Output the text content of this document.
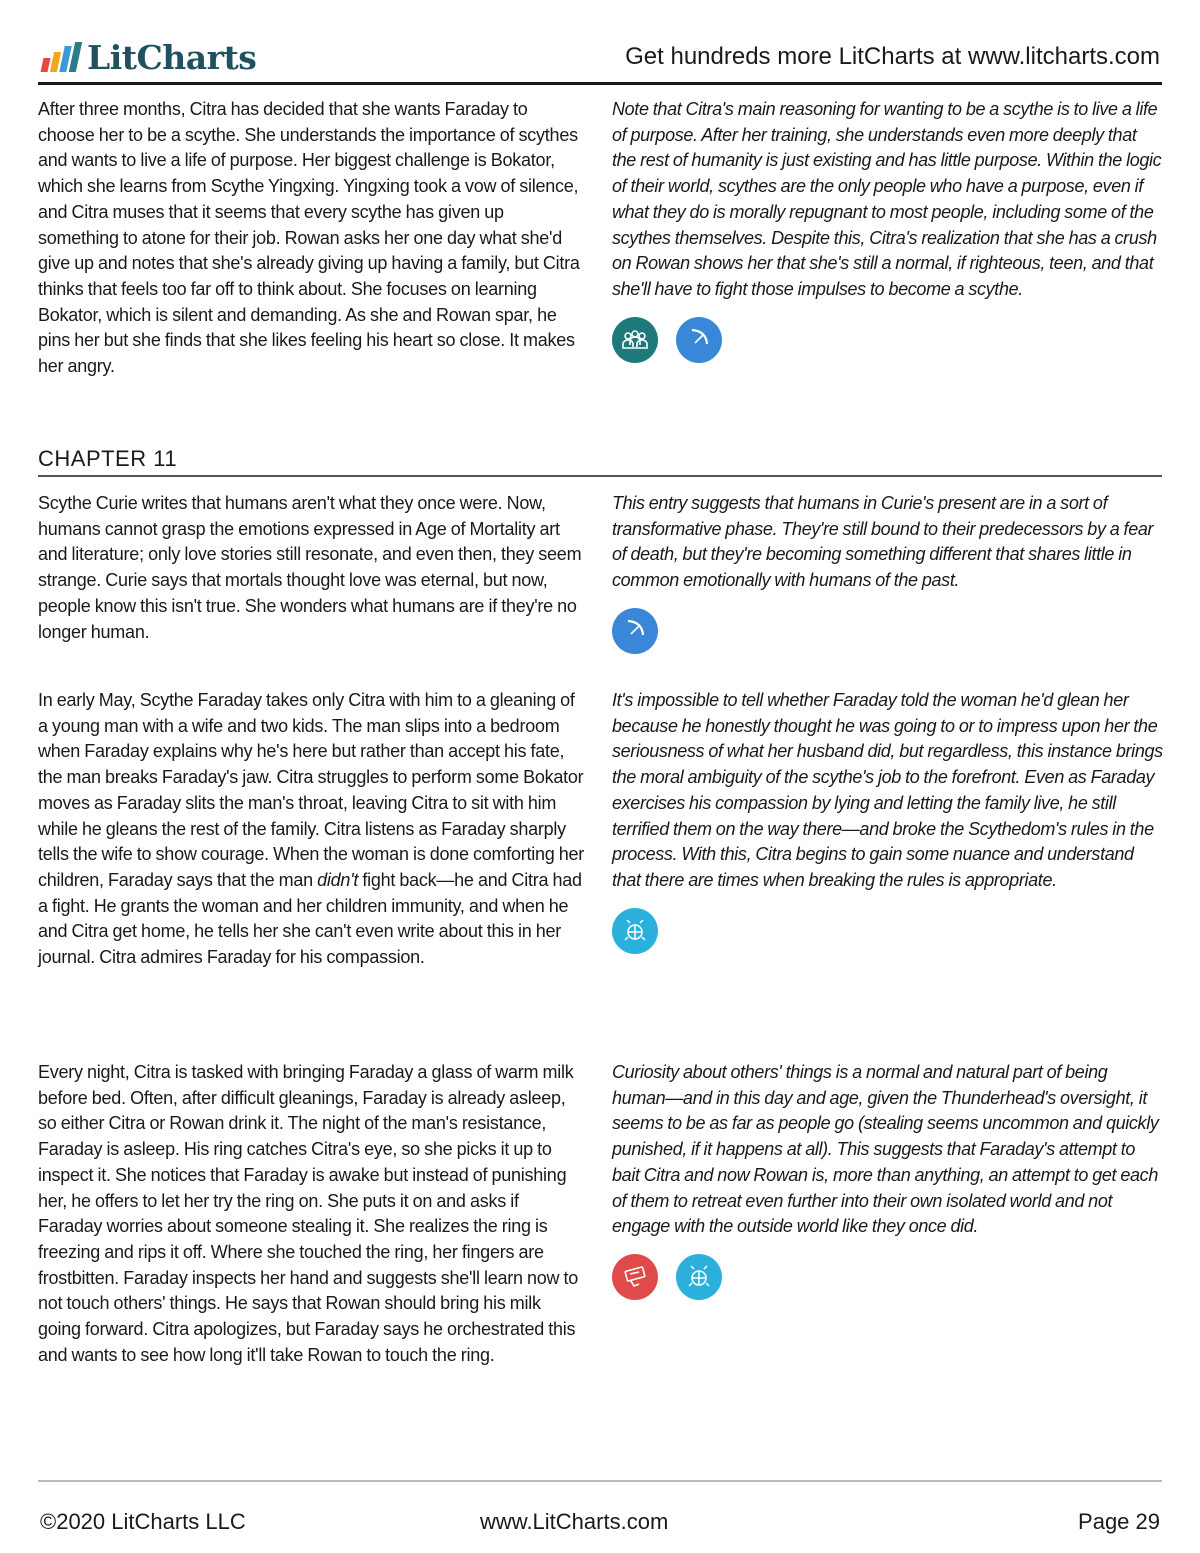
LitCharts	Get hundreds more LitCharts at www.litcharts.com

After three months, Citra has decided that she wants Faraday to choose her to be a scythe. She understands the importance of scythes and wants to live a life of purpose. Her biggest challenge is Bokator, which she learns from Scythe Yingxing. Yingxing took a vow of silence, and Citra muses that it seems that every scythe has given up something to atone for their job. Rowan asks her one day what she'd give up and notes that she's already giving up having a family, but Citra thinks that feels too far off to think about. She focuses on learning Bokator, which is silent and demanding. As she and Rowan spar, he pins her but she finds that she likes feeling his heart so close. It makes her angry.

Note that Citra's main reasoning for wanting to be a scythe is to live a life of purpose. After her training, she understands even more deeply that the rest of humanity is just existing and has little purpose. Within the logic of their world, scythes are the only people who have a purpose, even if what they do is morally repugnant to most people, including some of the scythes themselves. Despite this, Citra's realization that she has a crush on Rowan shows her that she's still a normal, if righteous, teen, and that she'll have to fight those impulses to become a scythe.

CHAPTER 11

Scythe Curie writes that humans aren't what they once were. Now, humans cannot grasp the emotions expressed in Age of Mortality art and literature; only love stories still resonate, and even then, they seem strange. Curie says that mortals thought love was eternal, but now, people know this isn't true. She wonders what humans are if they're no longer human.

This entry suggests that humans in Curie's present are in a sort of transformative phase. They're still bound to their predecessors by a fear of death, but they're becoming something different that shares little in common emotionally with humans of the past.

In early May, Scythe Faraday takes only Citra with him to a gleaning of a young man with a wife and two kids. The man slips into a bedroom when Faraday explains why he's here but rather than accept his fate, the man breaks Faraday's jaw. Citra struggles to perform some Bokator moves as Faraday slits the man's throat, leaving Citra to sit with him while he gleans the rest of the family. Citra listens as Faraday sharply tells the wife to show courage. When the woman is done comforting her children, Faraday says that the man didn't fight back—he and Citra had a fight. He grants the woman and her children immunity, and when he and Citra get home, he tells her she can't even write about this in her journal. Citra admires Faraday for his compassion.

It's impossible to tell whether Faraday told the woman he'd glean her because he honestly thought he was going to or to impress upon her the seriousness of what her husband did, but regardless, this instance brings the moral ambiguity of the scythe's job to the forefront. Even as Faraday exercises his compassion by lying and letting the family live, he still terrified them on the way there—and broke the Scythedom's rules in the process. With this, Citra begins to gain some nuance and understand that there are times when breaking the rules is appropriate.

Every night, Citra is tasked with bringing Faraday a glass of warm milk before bed. Often, after difficult gleanings, Faraday is already asleep, so either Citra or Rowan drink it. The night of the man's resistance, Faraday is asleep. His ring catches Citra's eye, so she picks it up to inspect it. She notices that Faraday is awake but instead of punishing her, he offers to let her try the ring on. She puts it on and asks if Faraday worries about someone stealing it. She realizes the ring is freezing and rips it off. Where she touched the ring, her fingers are frostbitten. Faraday inspects her hand and suggests she'll learn now to not touch others' things. He says that Rowan should bring his milk going forward. Citra apologizes, but Faraday says he orchestrated this and wants to see how long it'll take Rowan to touch the ring.

Curiosity about others' things is a normal and natural part of being human—and in this day and age, given the Thunderhead's oversight, it seems to be as far as people go (stealing seems uncommon and quickly punished, if it happens at all). This suggests that Faraday's attempt to bait Citra and now Rowan is, more than anything, an attempt to get each of them to retreat even further into their own isolated world and not engage with the outside world like they once did.

©2020 LitCharts LLC	www.LitCharts.com	Page 29
